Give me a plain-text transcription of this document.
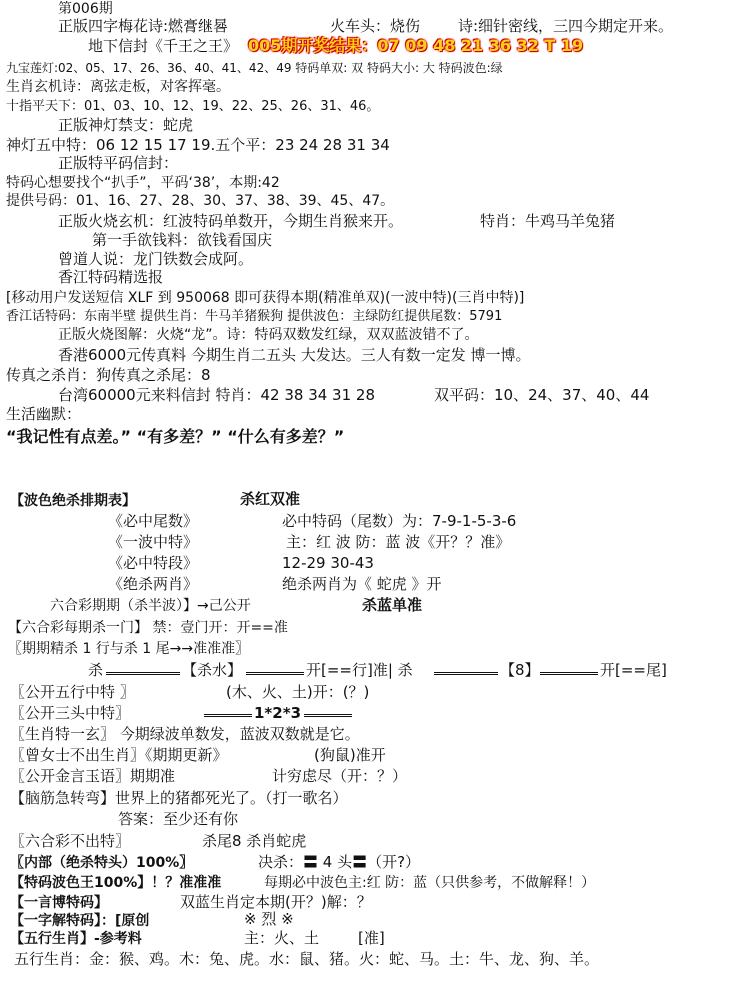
第006期
正版四字梅花诗:燃膏继晷	火车头：烧伤	诗:细针密线，三四今期定开来。
地下信封《千王之王》 005期开奖结果：07 09 48 21 36 32 T 19
九宝莲灯:02、05、17、26、36、40、41、42、49 特码单双: 双 特码大小: 大 特码波色:绿
生肖玄机诗：离弦走板，对客挥毫。
十指平天下：01、03、10、12、19、22、25、26、31、46。
正版神灯禁支：蛇虎
神灯五中特：06 12 15 17 19.五个平：23 24 28 31 34
正版特平码信封：
特码心想要找个“扒手”，平码‘38’，本期:42
提供号码：01、16、27、28、30、37、38、39、45、47。
正版火烧玄机：红波特码单数开，今期生肖猴来开。	特肖：牛鸡马羊兔猪
第一手欲钱料：欲钱看国庆
曾道人说：龙门铁数会成阿。
香江特码精选报
[移动用户发送短信 XLF 到 950068 即可获得本期(精准单双)(一波中特)(三肖中特)]
香江话特码：东南半壁 提供生肖：牛马羊猪猴狗 提供波色：主绿防红提供尾数：5791
正版火烧图解：火烧“龙”。诗：特码双数发红绿，双双蓝波错不了。
香港6000元传真料 今期生肖二五头 大发达。三人有数一定发 博一博。
传真之杀肖：狗传真之杀尾：8
台湾60000元来料信封 特肖：42 38 34 31 28	双平码：10、24、37、40、44
生活幽默：
“我记性有点差。” “有多差？” “什么有多差？”
【波色绝杀排期表】	杀红双准
《必中尾数》	必中特码（尾数）为：7-9-1-5-3-6
《一波中特》	主：红 波 防：蓝 波《开？？准》
《必中特段》	12-29 30-43
《绝杀两肖》	绝杀两肖为《 蛇虎 》开
六合彩期期（杀半波）】→己公开	杀蓝单准
【六合彩每期杀一门】 禁：壹门开：开==准
〖期期精杀 1 行与杀 1 尾→→准准准〗
杀	【杀水】	开[==行]准| 杀	【8】	开[==尾]
〖公开五行中特 〗	(木、火、土)开：(？)
〖公开三头中特〗	1*2*3
〖生肖特一玄〗 今期绿波单数发，蓝波双数就是它。
〖曾女士不出生肖〗《期期更新》	(狗鼠)准开
〖公开金言玉语〗期期准	计穷虑尽（开：？）
【脑筋急转弯】世界上的猪都死光了。（打一歌名）
答案：至少还有你
〖六合彩不出特〗	杀尾8 杀肖蛇虎
〖内部（绝杀特头）100%〗	决杀：〓 4 头〓（开?）
【特码波色王100%】！？准准准	每期必中波色主:红 防：蓝（只供参考，不做解释！）
【一言博特码】	双蓝生肖定本期(开？)解：？
【一字解特码】：[原创	※ 烈 ※
【五行生肖】-参考料	主：火、土	[准]
五行生肖：金：猴、鸡。木：兔、虎。水：鼠、猪。火：蛇、马。土：牛、龙、狗、羊。
